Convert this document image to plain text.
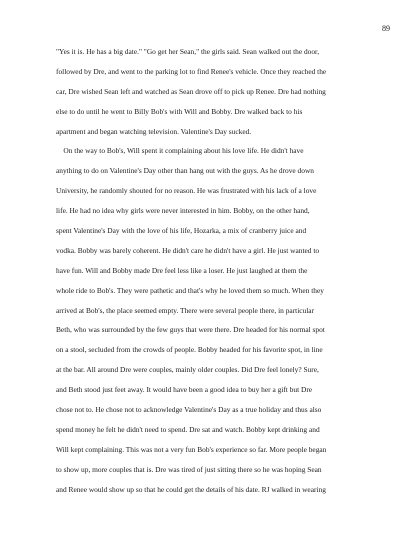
89
"Yes it is. He has a big date." "Go get her Sean," the girls said. Sean walked out the door,
followed by Dre, and went to the parking lot to find Renee's vehicle. Once they reached the
car, Dre wished Sean left and watched as Sean drove off to pick up Renee. Dre had nothing
else to do until he went to Billy Bob's with Will and Bobby. Dre walked back to his
apartment and began watching television. Valentine's Day sucked.
On the way to Bob's, Will spent it complaining about his love life. He didn't have
anything to do on Valentine's Day other than hang out with the guys. As he drove down
University, he randomly shouted for no reason. He was frustrated with his lack of a love
life. He had no idea why girls were never interested in him. Bobby, on the other hand,
spent Valentine's Day with the love of his life, Hozarka, a mix of cranberry juice and
vodka. Bobby was barely coherent. He didn't care he didn't have a girl. He just wanted to
have fun. Will and Bobby made Dre feel less like a loser. He just laughed at them the
whole ride to Bob's. They were pathetic and that's why he loved them so much. When they
arrived at Bob's, the place seemed empty. There were several people there, in particular
Beth, who was surrounded by the few guys that were there. Dre headed for his normal spot
on a stool, secluded from the crowds of people. Bobby headed for his favorite spot, in line
at the bar. All around Dre were couples, mainly older couples. Did Dre feel lonely? Sure,
and Beth stood just feet away. It would have been a good idea to buy her a gift but Dre
chose not to. He chose not to acknowledge Valentine's Day as a true holiday and thus also
spend money he felt he didn't need to spend. Dre sat and watch. Bobby kept drinking and
Will kept complaining. This was not a very fun Bob's experience so far. More people began
to show up, more couples that is. Dre was tired of just sitting there so he was hoping Sean
and Renee would show up so that he could get the details of his date. RJ walked in wearing
